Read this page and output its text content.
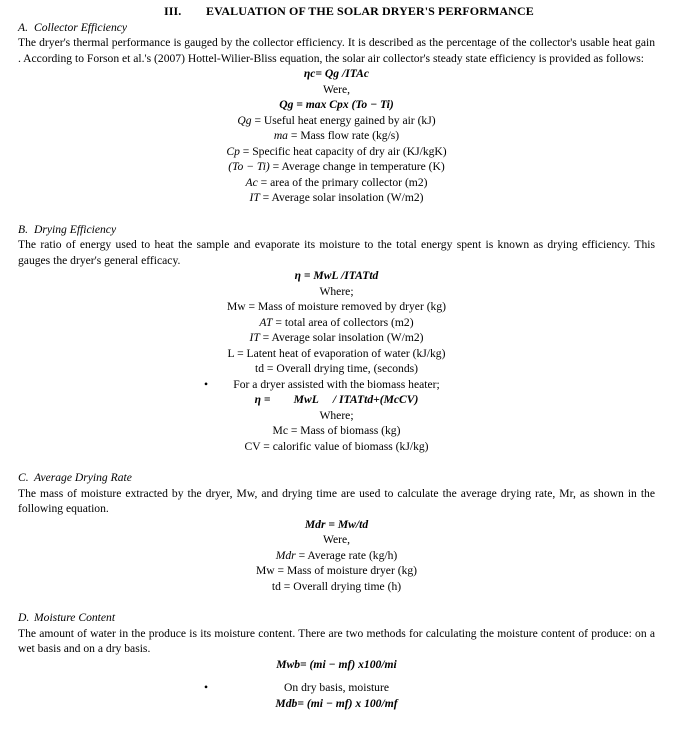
III. EVALUATION OF THE SOLAR DRYER'S PERFORMANCE
A. Collector Efficiency
The dryer's thermal performance is gauged by the collector efficiency. It is described as the percentage of the collector's usable heat gain . According to Forson et al.'s (2007) Hottel-Wilier-Bliss equation, the solar air collector's steady state efficiency is provided as follows:
ηc= Qg /ITAc
Were,
Qg = max Cpx (To − Ti)
Qg = Useful heat energy gained by air (kJ)
ma = Mass flow rate (kg/s)
Cp = Specific heat capacity of dry air (KJ/kgK)
(To − Ti) = Average change in temperature (K)
Ac = area of the primary collector (m2)
IT = Average solar insolation (W/m2)
B. Drying Efficiency
The ratio of energy used to heat the sample and evaporate its moisture to the total energy spent is known as drying efficiency. This gauges the dryer's general efficacy.
η = MwL /ITATtd
Where;
Mw = Mass of moisture removed by dryer (kg)
AT = total area of collectors (m2)
IT = Average solar insolation (W/m2)
L = Latent heat of evaporation of water (kJ/kg)
td = Overall drying time, (seconds)
• For a dryer assisted with the biomass heater;
η =        MwL     / ITATtd+(McCV)
Where;
Mc = Mass of biomass (kg)
CV = calorific value of biomass (kJ/kg)
C. Average Drying Rate
The mass of moisture extracted by the dryer, Mw, and drying time are used to calculate the average drying rate, Mr, as shown in the following equation.
Mdr = Mw/td
Were,
Mdr = Average rate (kg/h)
Mw = Mass of moisture dryer (kg)
td = Overall drying time (h)
D. Moisture Content
The amount of water in the produce is its moisture content. There are two methods for calculating the moisture content of produce: on a wet basis and on a dry basis.
Mwb= (mi − mf) x100/mi
•	On dry basis, moisture
Mdb= (mi − mf) x 100/mf
